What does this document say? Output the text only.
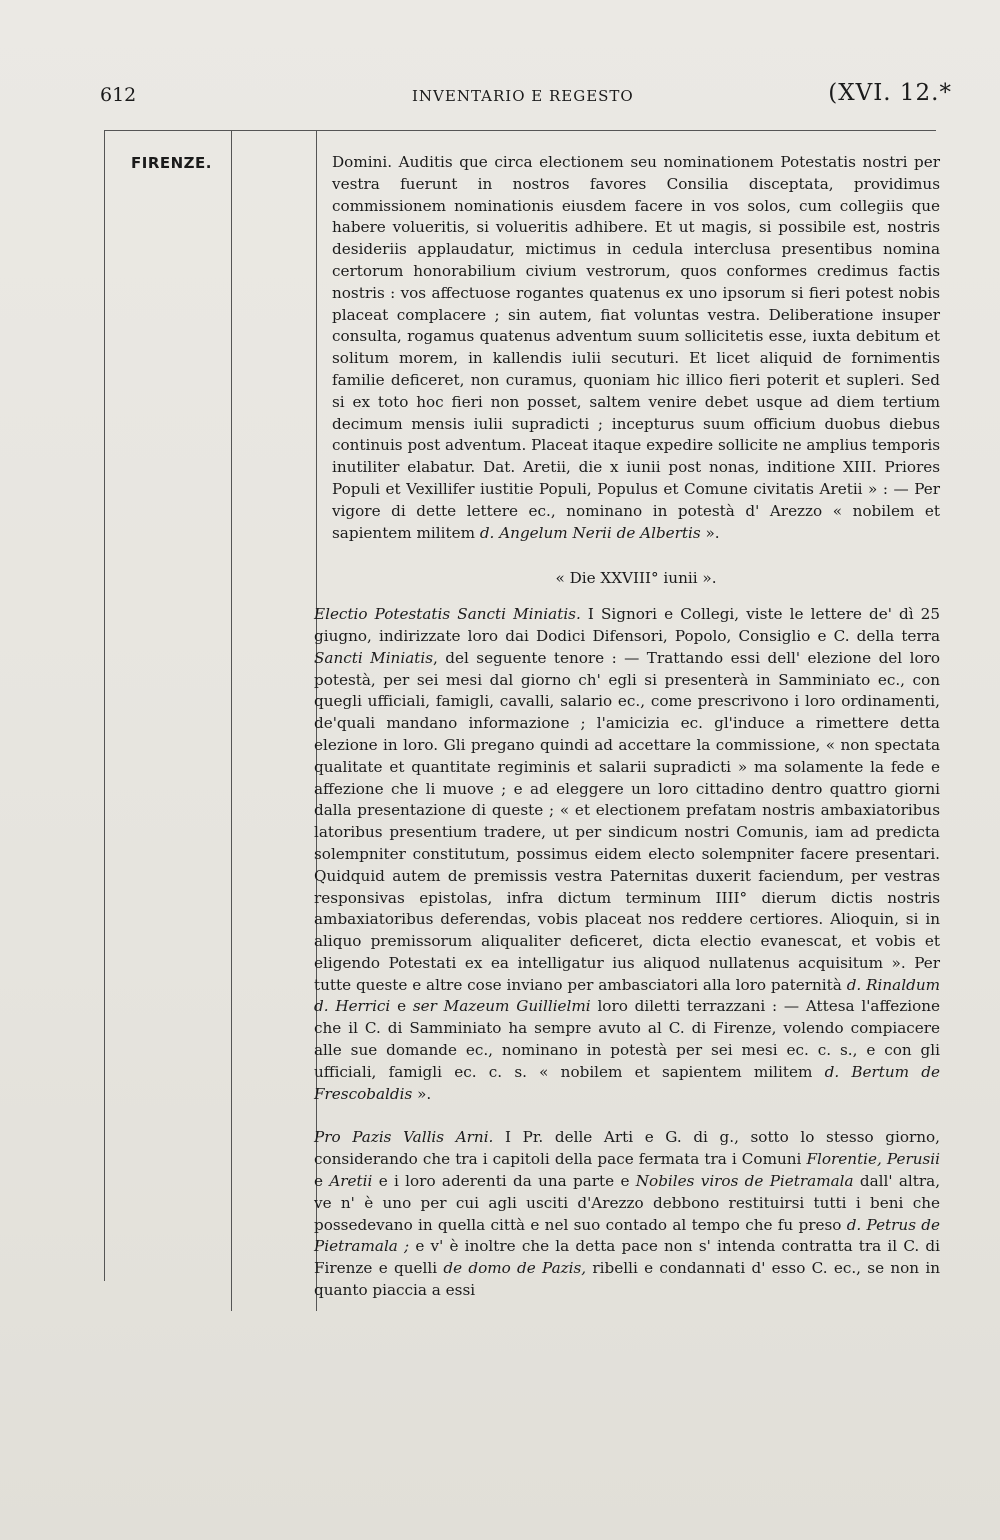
612	INVENTARIO E REGESTO	(XVI. 12.*
FIRENZE.	Domini. Auditis que circa electionem seu nominationem Potestatis nostri per vestra fuerunt in nostros favores Consilia disceptata, providimus commissionem nominationis eiusdem facere in vos solos, cum collegiis que habere volueritis, si volueritis adhibere. Et ut magis, si possibile est, nostris desideriis applaudatur, mictimus in cedula interclusa presentibus nomina certorum honorabilium civium vestrorum, quos conformes credimus factis nostris : vos affectuose rogantes quatenus ex uno ipsorum si fieri potest nobis placeat complacere ; sin autem, fiat voluntas vestra. Deliberatione insuper consulta, rogamus quatenus adventum suum sollicitetis esse, iuxta debitum et solitum morem, in kallendis iulii secuturi. Et licet aliquid de fornimentis familie deficeret, non curamus, quoniam hic illico fieri poterit et supleri. Sed si ex toto hoc fieri non posset, saltem venire debet usque ad diem tertium decimum mensis iulii supradicti ; incepturus suum officium duobus diebus continuis post adventum. Placeat itaque expedire sollicite ne amplius temporis inutiliter elabatur. Dat. Aretii, die x iunii post nonas, inditione XIII. Priores Populi et Vexillifer iustitie Populi, Populus et Comune civitatis Aretii » : — Per vigore di dette lettere ec., nominano in potestà d' Arezzo « nobilem et sapientem militem d. Angelum Nerii de Albertis ».

« Die XXVIII° iunii ».

Electio Potestatis Sancti Miniatis. I Signori e Collegi, viste le lettere de' dì 25 giugno, indirizzate loro dai Dodici Difensori, Popolo, Consiglio e C. della terra Sancti Miniatis, del seguente tenore : — Trattando essi dell' elezione del loro potestà, per sei mesi dal giorno ch' egli si presenterà in Samminiato ec., con quegli ufficiali, famigli, cavalli, salario ec., come prescrivono i loro ordinamenti, de'quali mandano informazione ; l'amicizia ec. gl'induce a rimettere detta elezione in loro. Gli pregano quindi ad accettare la commissione, « non spectata qualitate et quantitate regiminis et salarii supradicti » ma solamente la fede e affezione che li muove ; e ad eleggere un loro cittadino dentro quattro giorni dalla presentazione di queste ; « et electionem prefatam nostris ambaxiatoribus latoribus presentium tradere, ut per sindicum nostri Comunis, iam ad predicta solempniter constitutum, possimus eidem electo solempniter facere presentari. Quidquid autem de premissis vestra Paternitas duxerit faciendum, per vestras responsivas epistolas, infra dictum terminum IIII° dierum dictis nostris ambaxiatoribus deferendas, vobis placeat nos reddere certiores. Alioquin, si in aliquo premissorum aliqualiter deficeret, dicta electio evanescat, et vobis et eligendo Potestati ex ea intelligatur ius aliquod nullatenus acquisitum ». Per tutte queste e altre cose inviano per ambasciatori alla loro paternità d. Rinaldum d. Herrici e ser Mazeum Guillielmi loro diletti terrazzani : — Attesa l'affezione che il C. di Samminiato ha sempre avuto al C. di Firenze, volendo compiacere alle sue domande ec., nominano in potestà per sei mesi ec. c. s., e con gli ufficiali, famigli ec. c. s. « nobilem et sapientem militem d. Bertum de Frescobaldis ».

Pro Pazis Vallis Arni. I Pr. delle Arti e G. di g., sotto lo stesso giorno, considerando che tra i capitoli della pace fermata tra i Comuni Florentie, Perusii e Aretii e i loro aderenti da una parte e Nobiles viros de Pietramala dall' altra, ve n' è uno per cui agli usciti d'Arezzo debbono restituirsi tutti i beni che possedevano in quella città e nel suo contado al tempo che fu preso d. Petrus de Pietramala ; e v' è inoltre che la detta pace non s' intenda contratta tra il C. di Firenze e quelli de domo de Pazis, ribelli e condannati d' esso C. ec., se non in quanto piaccia a essi
